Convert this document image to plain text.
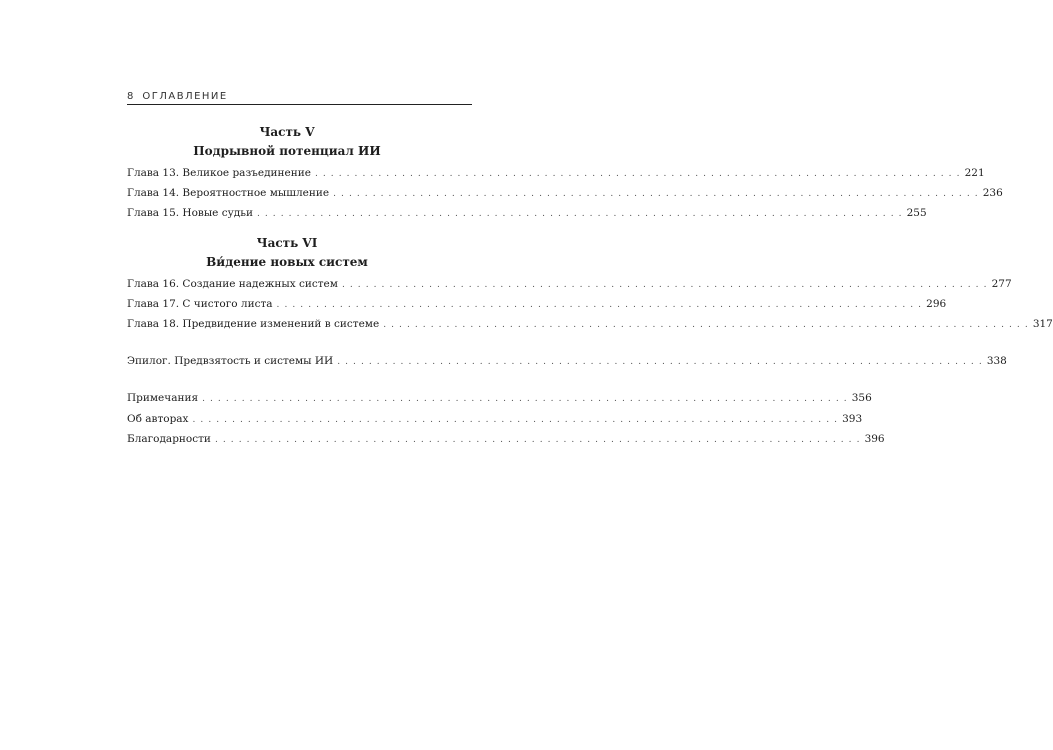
8 ОГЛАВЛЕНИЕ
Часть V
Подрывной потенциал ИИ
Глава 13. Великое разъединение . . . . . . . . . . . . . . . . . . . . . . . . . . . . . . . . . . . . . . . . . . . . . . . . . . . . . . . . . . . . . . . . . . . . . . . . . . . . . . . . . . 221
Глава 14. Вероятностное мышление . . . . . . . . . . . . . . . . . . . . . . . . . . . . . . . . . . . . . . . . . . . . . . . . . . . . . . . . . . . . . . . . . . . . . . . . . . . . . . . . . . 236
Глава 15. Новые судьи . . . . . . . . . . . . . . . . . . . . . . . . . . . . . . . . . . . . . . . . . . . . . . . . . . . . . . . . . . . . . . . . . . . . . . . . . . . . . . . . . . 255
Часть VI
Ви́дение новых систем
Глава 16. Создание надежных систем . . . . . . . . . . . . . . . . . . . . . . . . . . . . . . . . . . . . . . . . . . . . . . . . . . . . . . . . . . . . . . . . . . . . . . . . . . . . . . . . . . 277
Глава 17. С чистого листа . . . . . . . . . . . . . . . . . . . . . . . . . . . . . . . . . . . . . . . . . . . . . . . . . . . . . . . . . . . . . . . . . . . . . . . . . . . . . . . . . . 296
Глава 18. Предвидение изменений в системе . . . . . . . . . . . . . . . . . . . . . . . . . . . . . . . . . . . . . . . . . . . . . . . . . . . . . . . . . . . . . . . . . . . . . . . . . . . . . . . . . . 317
Эпилог. Предвзятость и системы ИИ . . . . . . . . . . . . . . . . . . . . . . . . . . . . . . . . . . . . . . . . . . . . . . . . . . . . . . . . . . . . . . . . . . . . . . . . . . . . . . . . . . 338
Примечания . . . . . . . . . . . . . . . . . . . . . . . . . . . . . . . . . . . . . . . . . . . . . . . . . . . . . . . . . . . . . . . . . . . . . . . . . . . . . . . . . . 356
Об авторах . . . . . . . . . . . . . . . . . . . . . . . . . . . . . . . . . . . . . . . . . . . . . . . . . . . . . . . . . . . . . . . . . . . . . . . . . . . . . . . . . . 393
Благодарности . . . . . . . . . . . . . . . . . . . . . . . . . . . . . . . . . . . . . . . . . . . . . . . . . . . . . . . . . . . . . . . . . . . . . . . . . . . . . . . . . . 396
